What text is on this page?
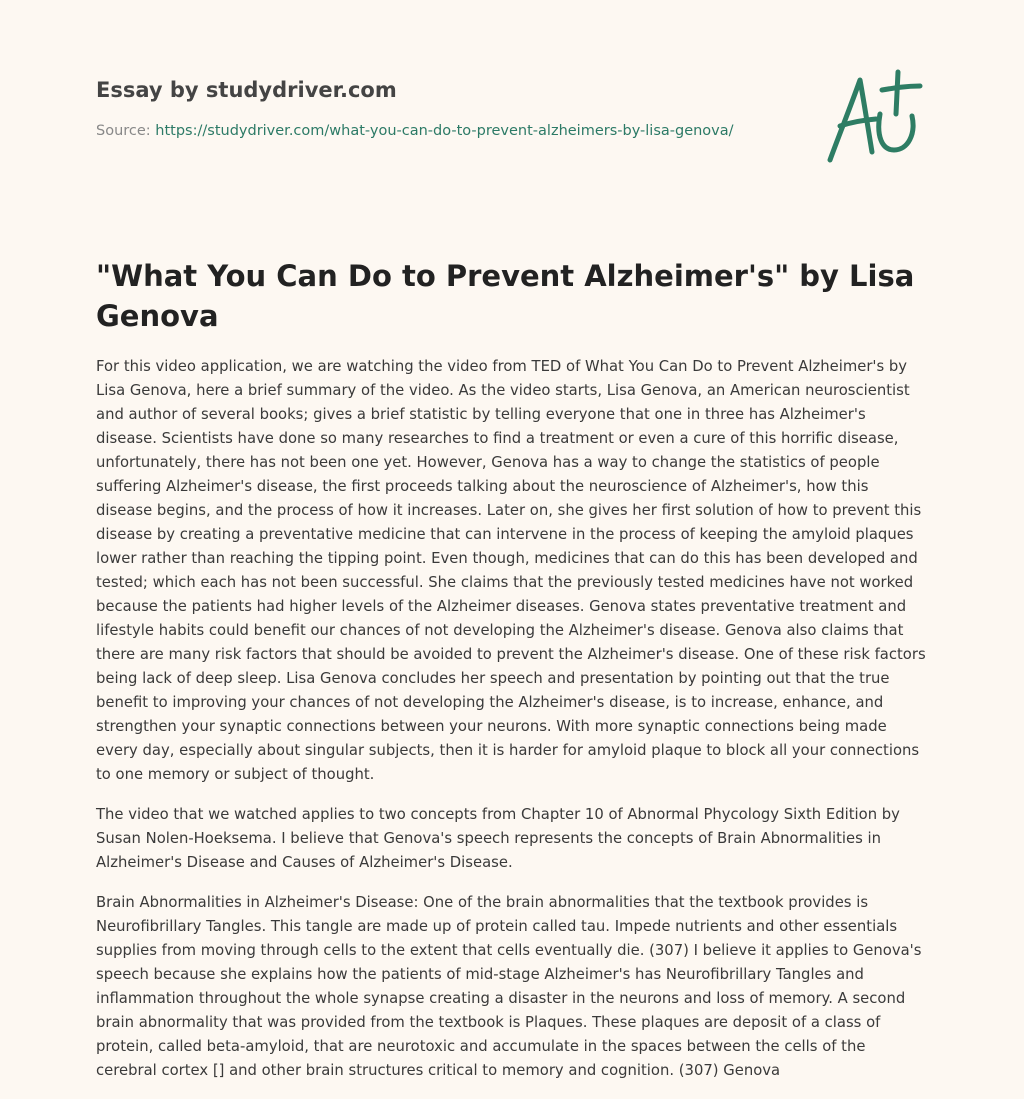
Essay by studydriver.com
Source: https://studydriver.com/what-you-can-do-to-prevent-alzheimers-by-lisa-genova/
"What You Can Do to Prevent Alzheimer's" by Lisa Genova

For this video application, we are watching the video from TED of What You Can Do to Prevent Alzheimer's by Lisa Genova, here a brief summary of the video. As the video starts, Lisa Genova, an American neuroscientist and author of several books; gives a brief statistic by telling everyone that one in three has Alzheimer's disease. Scientists have done so many researches to find a treatment or even a cure of this horrific disease, unfortunately, there has not been one yet. However, Genova has a way to change the statistics of people suffering Alzheimer's disease, the first proceeds talking about the neuroscience of Alzheimer's, how this disease begins, and the process of how it increases. Later on, she gives her first solution of how to prevent this disease by creating a preventative medicine that can intervene in the process of keeping the amyloid plaques lower rather than reaching the tipping point. Even though, medicines that can do this has been developed and tested; which each has not been successful. She claims that the previously tested medicines have not worked because the patients had higher levels of the Alzheimer diseases. Genova states preventative treatment and lifestyle habits could benefit our chances of not developing the Alzheimer's disease. Genova also claims that there are many risk factors that should be avoided to prevent the Alzheimer's disease. One of these risk factors being lack of deep sleep. Lisa Genova concludes her speech and presentation by pointing out that the true benefit to improving your chances of not developing the Alzheimer's disease, is to increase, enhance, and strengthen your synaptic connections between your neurons. With more synaptic connections being made every day, especially about singular subjects, then it is harder for amyloid plaque to block all your connections to one memory or subject of thought.

The video that we watched applies to two concepts from Chapter 10 of Abnormal Phycology Sixth Edition by Susan Nolen-Hoeksema. I believe that Genova's speech represents the concepts of Brain Abnormalities in Alzheimer's Disease and Causes of Alzheimer's Disease.

Brain Abnormalities in Alzheimer's Disease: One of the brain abnormalities that the textbook provides is Neurofibrillary Tangles. This tangle are made up of protein called tau. Impede nutrients and other essentials supplies from moving through cells to the extent that cells eventually die. (307) I believe it applies to Genova's speech because she explains how the patients of mid-stage Alzheimer's has Neurofibrillary Tangles and inflammation throughout the whole synapse creating a disaster in the neurons and loss of memory. A second brain abnormality that was provided from the textbook is Plaques. These plaques are deposit of a class of protein, called beta-amyloid, that are neurotoxic and accumulate in the spaces between the cells of the cerebral cortex [] and other brain structures critical to memory and cognition. (307) Genova
